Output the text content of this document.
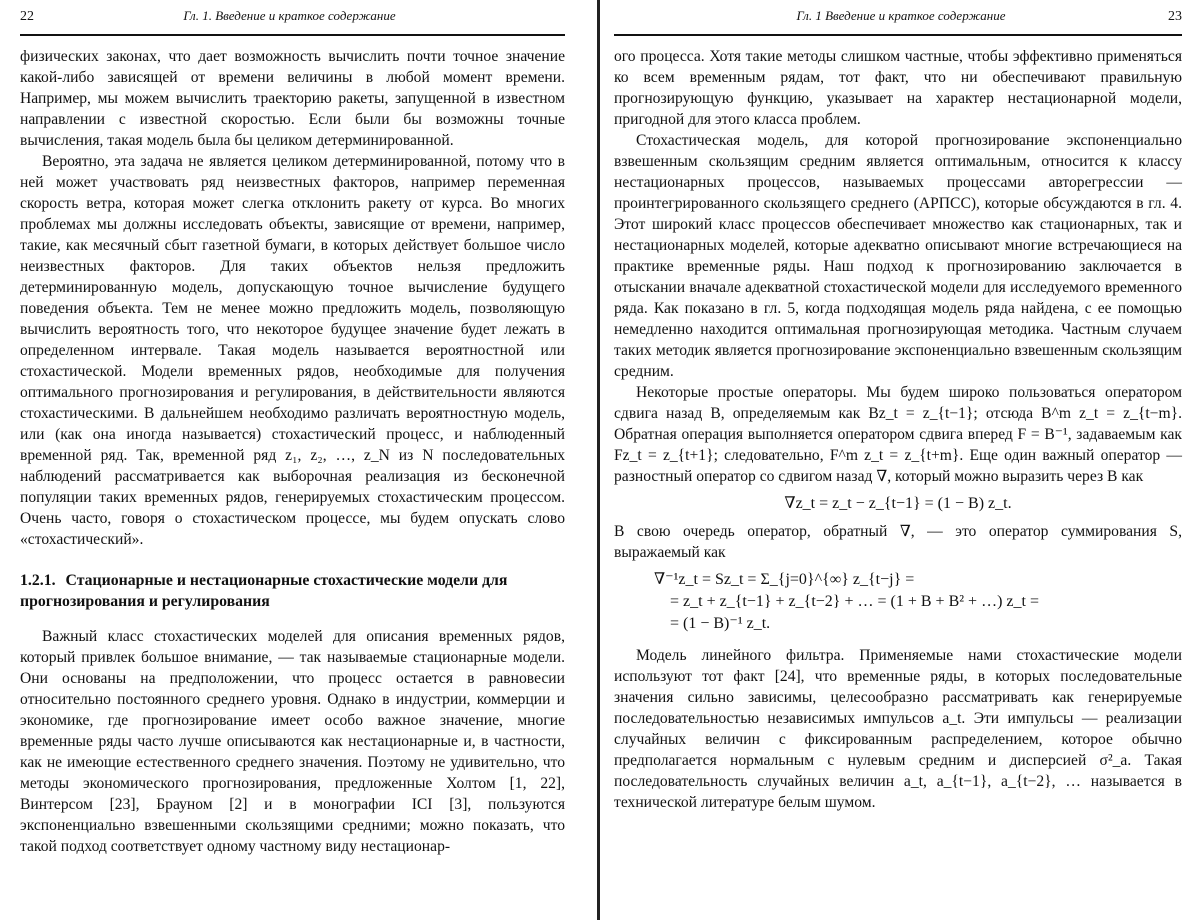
22	Гл. 1. Введение и краткое содержание

физических законах, что дает возможность вычислить почти точное значение какой-либо зависящей от времени величины в любой момент времени. Например, мы можем вычислить траекторию ракеты, запущенной в известном направлении с известной скоростью. Если были бы возможны точные вычисления, такая модель была бы целиком детерминированной.

Вероятно, эта задача не является целиком детерминированной, потому что в ней может участвовать ряд неизвестных факторов, например переменная скорость ветра, которая может слегка отклонить ракету от курса. Во многих проблемах мы должны исследовать объекты, зависящие от времени, например, такие, как месячный сбыт газетной бумаги, в которых действует большое число неизвестных факторов. Для таких объектов нельзя предложить детерминированную модель, допускающую точное вычисление будущего поведения объекта. Тем не менее можно предложить модель, позволяющую вычислить вероятность того, что некоторое будущее значение будет лежать в определенном интервале. Такая модель называется вероятностной или стохастической. Модели временных рядов, необходимые для получения оптимального прогнозирования и регулирования, в действительности являются стохастическими. В дальнейшем необходимо различать вероятностную модель, или (как она иногда называется) стохастический процесс, и наблюденный временной ряд. Так, временной ряд z₁, z₂, …, z_N из N последовательных наблюдений рассматривается как выборочная реализация из бесконечной популяции таких временных рядов, генерируемых стохастическим процессом. Очень часто, говоря о стохастическом процессе, мы будем опускать слово «стохастический».

1.2.1. Стационарные и нестационарные стохастические модели для прогнозирования и регулирования

Важный класс стохастических моделей для описания временных рядов, который привлек большое внимание, — так называемые стационарные модели. Они основаны на предположении, что процесс остается в равновесии относительно постоянного среднего уровня. Однако в индустрии, коммерции и экономике, где прогнозирование имеет особо важное значение, многие временные ряды часто лучше описываются как нестационарные и, в частности, как не имеющие естественного среднего значения. Поэтому не удивительно, что методы экономического прогнозирования, предложенные Холтом [1, 22], Винтерсом [23], Брауном [2] и в монографии ICI [3], пользуются экспоненциально взвешенными скользящими средними; можно показать, что такой подход соответствует одному частному виду нестационар-

Гл. 1 Введение и краткое содержание	23

ого процесса. Хотя такие методы слишком частные, чтобы эффективно применяться ко всем временным рядам, тот факт, что ни обеспечивают правильную прогнозирующую функцию, указывает на характер нестационарной модели, пригодной для этого класса проблем.

Стохастическая модель, для которой прогнозирование экспоненциально взвешенным скользящим средним является оптимальным, относится к классу нестационарных процессов, называемых процессами авторегрессии — проинтегрированного скользящего среднего (АРПСС), которые обсуждаются в гл. 4. Этот широкий класс процессов обеспечивает множество как стационарных, так и нестационарных моделей, которые адекватно описывают многие встречающиеся на практике временные ряды. Наш подход к прогнозированию заключается в отыскании вначале адекватной стохастической модели для исследуемого временного ряда. Как показано в гл. 5, когда подходящая модель ряда найдена, с ее помощью немедленно находится оптимальная прогнозирующая методика. Частным случаем таких методик является прогнозирование экспоненциально взвешенным скользящим средним.

Некоторые простые операторы. Мы будем широко пользоваться оператором сдвига назад B, определяемым как Bz_t = z_{t−1}; отсюда B^m z_t = z_{t−m}. Обратная операция выполняется оператором сдвига вперед F = B⁻¹, задаваемым как Fz_t = z_{t+1}; следовательно, F^m z_t = z_{t+m}. Еще один важный оператор — разностный оператор со сдвигом назад ∇, который можно выразить через B как

∇z_t = z_t − z_{t−1} = (1 − B) z_t.

В свою очередь оператор, обратный ∇, — это оператор суммирования S, выражаемый как

∇⁻¹z_t = Sz_t = Σ_{j=0}^{∞} z_{t−j} =
= z_t + z_{t−1} + z_{t−2} + … = (1 + B + B² + …) z_t =
= (1 − B)⁻¹ z_t.

Модель линейного фильтра. Применяемые нами стохастические модели используют тот факт [24], что временные ряды, в которых последовательные значения сильно зависимы, целесообразно рассматривать как генерируемые последовательностью независимых импульсов a_t. Эти импульсы — реализации случайных величин с фиксированным распределением, которое обычно предполагается нормальным с нулевым средним и дисперсией σ²_a. Такая последовательность случайных величин a_t, a_{t−1}, a_{t−2}, … называется в технической литературе белым шумом.
